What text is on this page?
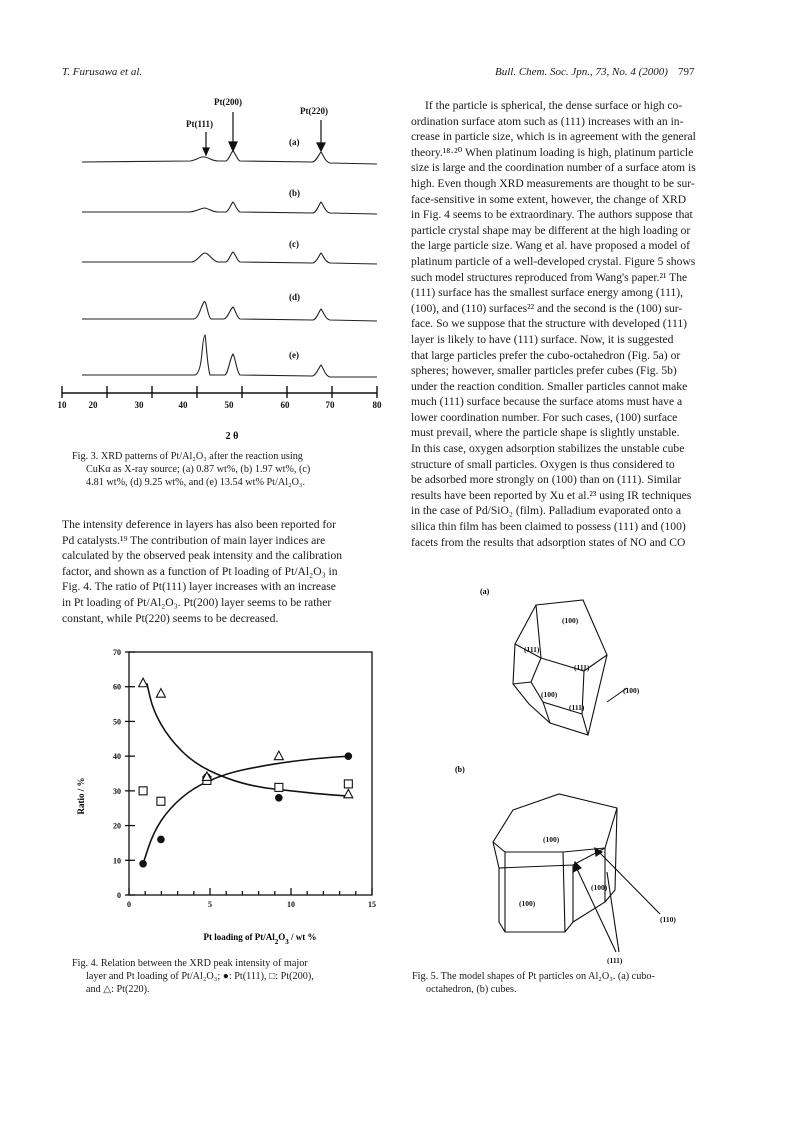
T. Furusawa et al.	Bull. Chem. Soc. Jpn., 73, No. 4 (2000) 797
Pt(200)
Pt(111)
Pt(220)
(a)
(b)
(c)
(d)
(e)
10 20	30	40	50	60	70	80
2 θ
Fig. 3. XRD patterns of Pt/Al₂O₃ after the reaction using
CuKα as X-ray source; (a) 0.87 wt%, (b) 1.97 wt%, (c)
4.81 wt%, (d) 9.25 wt%, and (e) 13.54 wt% Pt/Al₂O₃.
The intensity deference in layers has also been reported for
Pd catalysts.¹⁹ The contribution of main layer indices are
calculated by the observed peak intensity and the calibration
factor, and shown as a function of Pt loading of Pt/Al₂O₃ in
Fig. 4. The ratio of Pt(111) layer increases with an increase
in Pt loading of Pt/Al₂O₃. Pt(200) layer seems to be rather
constant, while Pt(220) seems to be decreased.
0
10
20
30
40
50
60
70
0	5	10	15
Ratio / %
Pt loading of $Pt/Al_2O_3$ / wt %
Fig. 4. Relation between the XRD peak intensity of major
layer and Pt loading of Pt/Al₂O₃; ●: Pt(111), □: Pt(200),
and △: Pt(220).
If the particle is spherical, the dense surface or high co-
ordination surface atom such as (111) increases with an in-
crease in particle size, which is in agreement with the general
theory.¹⁸·²⁰ When platinum loading is high, platinum particle
size is large and the coordination number of a surface atom is
high. Even though XRD measurements are thought to be sur-
face-sensitive in some extent, however, the change of XRD
in Fig. 4 seems to be extraordinary. The authors suppose that
particle crystal shape may be different at the high loading or
the large particle size. Wang et al. have proposed a model of
platinum particle of a well-developed crystal. Figure 5 shows
such model structures reproduced from Wang's paper.²¹ The
(111) surface has the smallest surface energy among (111),
(100), and (110) surfaces²² and the second is the (100) sur-
face. So we suppose that the structure with developed (111)
layer is likely to have (111) surface. Now, it is suggested
that large particles prefer the cubo-octahedron (Fig. 5a) or
spheres; however, smaller particles prefer cubes (Fig. 5b)
under the reaction condition. Smaller particles cannot make
much (111) surface because the surface atoms must have a
lower coordination number. For such cases, (100) surface
must prevail, where the particle shape is slightly unstable.
In this case, oxygen adsorption stabilizes the unstable cube
structure of small particles. Oxygen is thus considered to
be adsorbed more strongly on (100) than on (111). Similar
results have been reported by Xu et al.²³ using IR techniques
in the case of Pd/SiO₂ (film). Palladium evaporated onto a
silica thin film has been claimed to possess (111) and (100)
facets from the results that adsorption states of NO and CO
(a)
(100)
(111)
(111)
(100)
(111)
(100)
(b)
(100)
(100)
(100)
(110)
(111)
Fig. 5. The model shapes of Pt particles on Al₂O₃. (a) cubo-
octahedron, (b) cubes.
